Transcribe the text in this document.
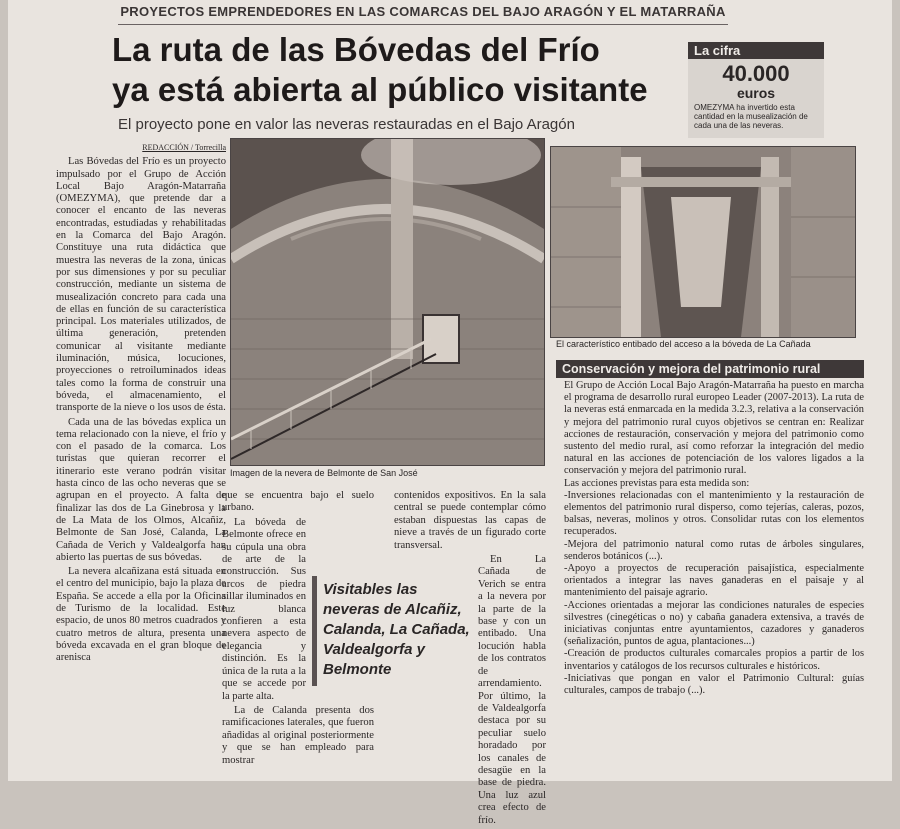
PROYECTOS EMPRENDEDORES EN LAS COMARCAS DEL BAJO ARAGÓN Y EL MATARRAÑA
La ruta de las Bóvedas del Frío
ya está abierta al público visitante
El proyecto pone en valor las neveras restauradas en el Bajo Aragón
La cifra
40.000
euros
OMEZYMA ha invertido esta cantidad en la musealización de cada una de las neveras.

REDACCIÓN / Torrecilla

Las Bóvedas del Frío es un proyecto impulsado por el Grupo de Acción Local Bajo Aragón-Matarraña (OMEZYMA), que pretende dar a conocer el encanto de las neveras encontradas, estudiadas y rehabilitadas en la Comarca del Bajo Aragón. Constituye una ruta didáctica que muestra las neveras de la zona, únicas por sus dimensiones y por su peculiar construcción, mediante un sistema de musealización concreto para cada una de ellas en función de su característica principal. Los materiales utilizados, de última generación, pretenden comunicar al visitante mediante iluminación, música, locuciones, proyecciones o retroiluminados ideas tales como la forma de construir una bóveda, el almacenamiento, el transporte de la nieve o los usos de ésta.

Cada una de las bóvedas explica un tema relacionado con la nieve, el frío y con el pasado de la comarca. Los turistas que quieran recorrer el itinerario este verano podrán visitar hasta cinco de las ocho neveras que se agrupan en el proyecto. A falta de finalizar las dos de La Ginebrosa y la de La Mata de los Olmos, Alcañiz, Belmonte de San José, Calanda, La Cañada de Verich y Valdealgorfa han abierto las puertas de sus bóvedas.

La nevera alcañizana está situada en el centro del municipio, bajo la plaza de España. Se accede a ella por la Oficina de Turismo de la localidad. Este espacio, de unos 80 metros cuadrados y cuatro metros de altura, presenta una bóveda excavada en el gran bloque de arenisca

Imagen de la nevera de Belmonte de San José
El característico entibado del acceso a la bóveda de La Cañada

que se encuentra bajo el suelo urbano.

La bóveda de Belmonte ofrece en su cúpula una obra de arte de la construcción. Sus arcos de piedra sillar iluminados en luz blanca confieren a esta nevera aspecto de elegancia y distinción. Es la única de la ruta a la que se accede por la parte alta.

La de Calanda presenta dos ramificaciones laterales, que fueron añadidas al original posteriormente y que se han empleado para mostrar

contenidos expositivos. En la sala central se puede contemplar cómo estaban dispuestas las capas de nieve a través de un figurado corte transversal.

En La Cañada de Verich se entra a la nevera por la parte de la base y con un entibado. Una locución habla de los contratos de arrendamiento. Por último, la de Valdealgorfa destaca por su peculiar suelo horadado por los canales de desagüe en la base de piedra. Una luz azul crea efecto de frío.

Visitables las neveras de Alcañiz, Calanda, La Cañada, Valdealgorfa y Belmonte
Conservación y mejora del patrimonio rural

El Grupo de Acción Local Bajo Aragón-Matarraña ha puesto en marcha el programa de desarrollo rural europeo Leader (2007-2013). La ruta de la neveras está enmarcada en la medida 3.2.3, relativa a la conservación y mejora del patrimonio rural cuyos objetivos se centran en: Realizar acciones de restauración, conservación y mejora del patrimonio como sustento del medio rural, así como reforzar la integración del medio natural en las acciones de potenciación de los valores ligados a la conservación y mejora del patrimonio rural.

Las acciones previstas para esta medida son:

-Inversiones relacionadas con el mantenimiento y la restauración de elementos del patrimonio rural disperso, como tejerías, caleras, pozos, balsas, neveras, molinos y otros. Consolidar rutas con los elementos recuperados.

-Mejora del patrimonio natural como rutas de árboles singulares, senderos botánicos (...).

-Apoyo a proyectos de recuperación paisajística, especialmente orientados a integrar las naves ganaderas en el paisaje y al mantenimiento del paisaje agrario.

-Acciones orientadas a mejorar las condiciones naturales de especies silvestres (cinegéticas o no) y cabaña ganadera extensiva, a través de iniciativas conjuntas entre ayuntamientos, cazadores y ganaderos (señalización, puntos de agua, plantaciones...)

-Creación de productos culturales comarcales propios a partir de los inventarios y catálogos de los recursos culturales e históricos.

-Iniciativas que pongan en valor el Patrimonio Cultural: guías culturales, campos de trabajo (...).
